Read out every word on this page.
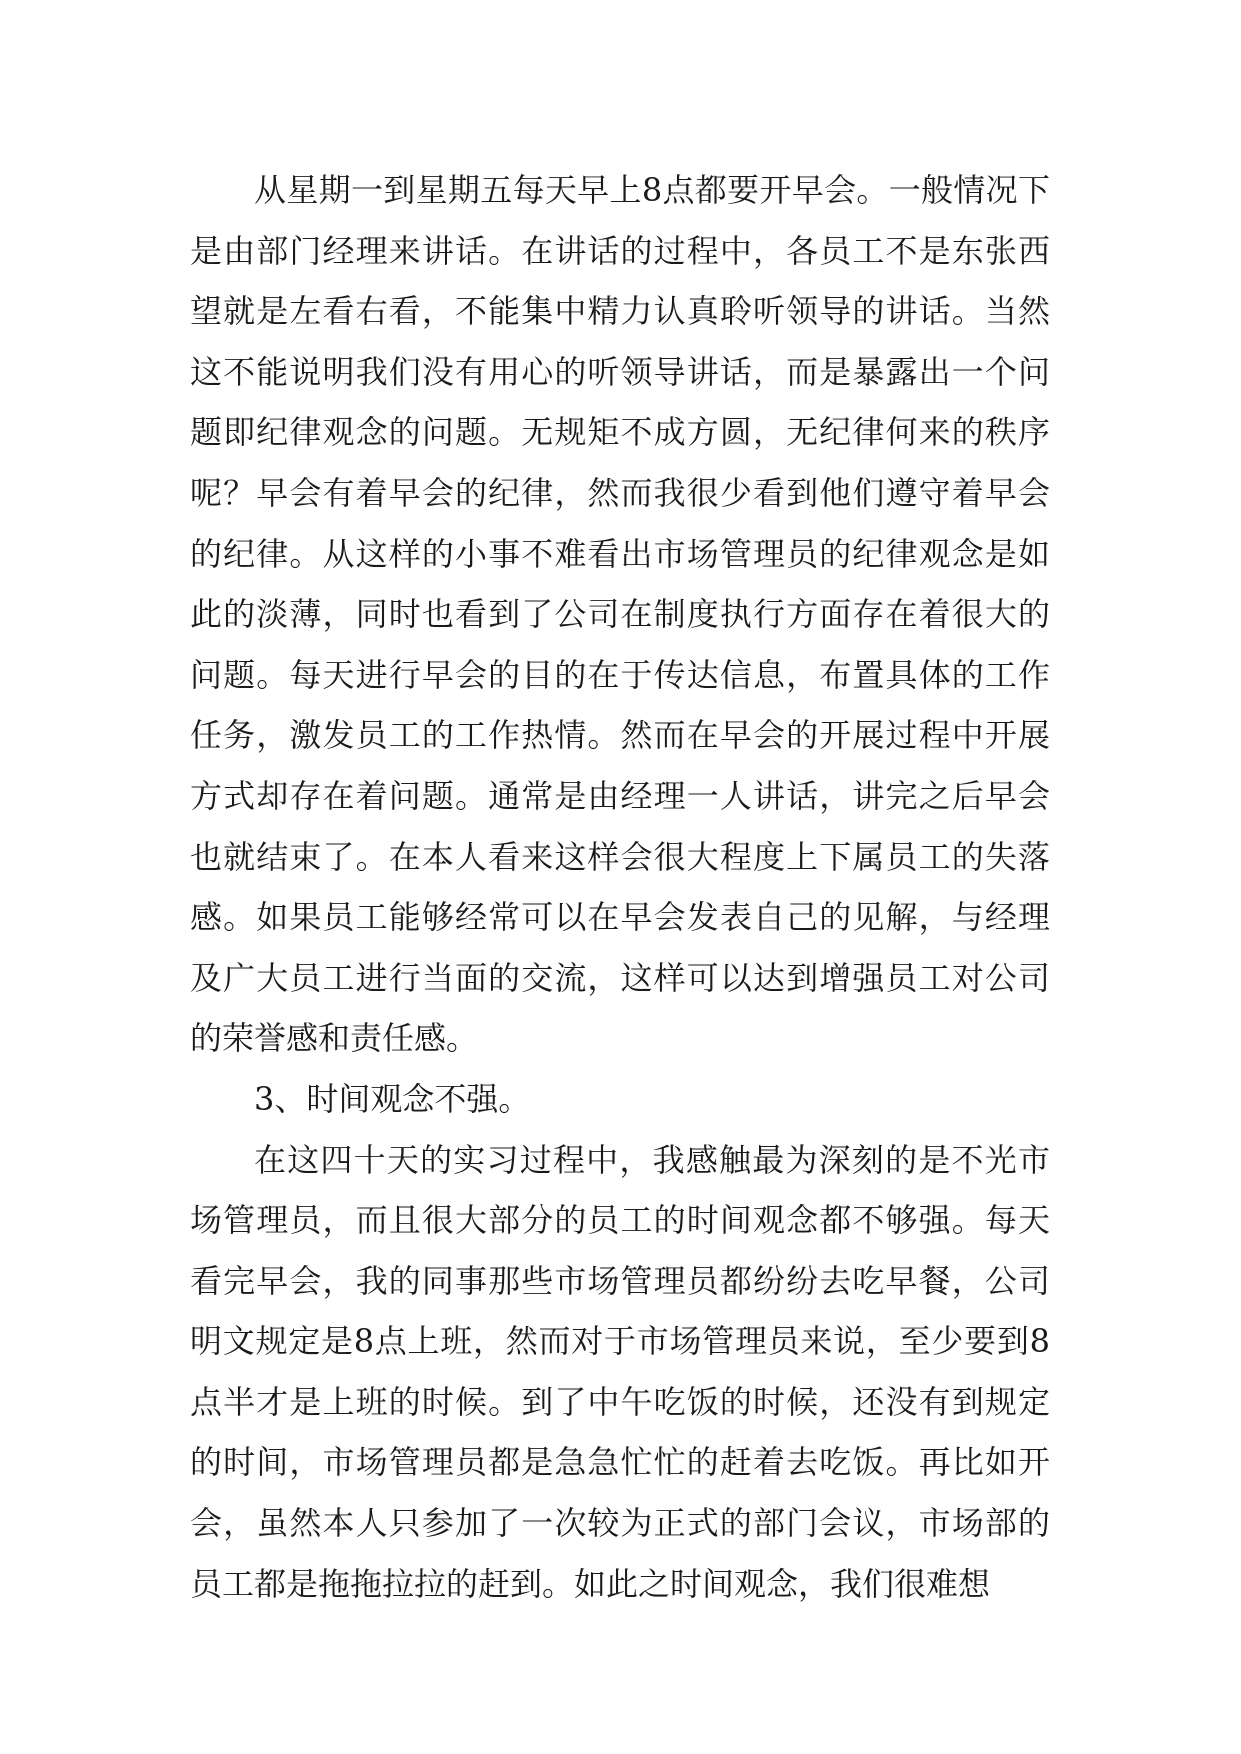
从星期一到星期五每天早上8点都要开早会。一般情况下是由部门经理来讲话。在讲话的过程中，各员工不是东张西望就是左看右看，不能集中精力认真聆听领导的讲话。当然这不能说明我们没有用心的听领导讲话，而是暴露出一个问题即纪律观念的问题。无规矩不成方圆，无纪律何来的秩序呢？早会有着早会的纪律，然而我很少看到他们遵守着早会的纪律。从这样的小事不难看出市场管理员的纪律观念是如此的淡薄，同时也看到了公司在制度执行方面存在着很大的问题。每天进行早会的目的在于传达信息，布置具体的工作任务，激发员工的工作热情。然而在早会的开展过程中开展方式却存在着问题。通常是由经理一人讲话，讲完之后早会也就结束了。在本人看来这样会很大程度上下属员工的失落感。如果员工能够经常可以在早会发表自己的见解，与经理及广大员工进行当面的交流，这样可以达到增强员工对公司的荣誉感和责任感。

3、时间观念不强。

在这四十天的实习过程中，我感触最为深刻的是不光市场管理员，而且很大部分的员工的时间观念都不够强。每天看完早会，我的同事那些市场管理员都纷纷去吃早餐，公司明文规定是8点上班，然而对于市场管理员来说，至少要到8点半才是上班的时候。到了中午吃饭的时候，还没有到规定的时间，市场管理员都是急急忙忙的赶着去吃饭。再比如开会，虽然本人只参加了一次较为正式的部门会议，市场部的员工都是拖拖拉拉的赶到。如此之时间观念，我们很难想
